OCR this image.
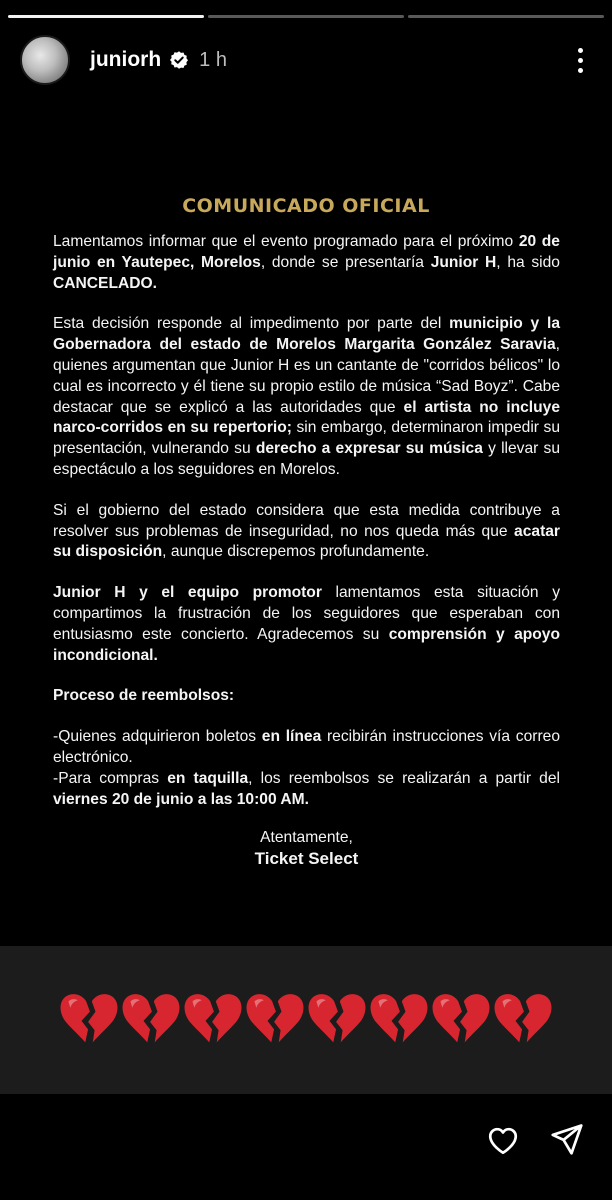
juniorh 1 h
COMUNICADO OFICIAL

Lamentamos informar que el evento programado para el próximo 20 de junio en Yautepec, Morelos, donde se presentaría Junior H, ha sido CANCELADO.

Esta decisión responde al impedimento por parte del municipio y la Gobernadora del estado de Morelos Margarita González Saravia, quienes argumentan que Junior H es un cantante de "corridos bélicos" lo cual es incorrecto y él tiene su propio estilo de música “Sad Boyz”. Cabe destacar que se explicó a las autoridades que el artista no incluye narco-corridos en su repertorio; sin embargo, determinaron impedir su presentación, vulnerando su derecho a expresar su música y llevar su espectáculo a los seguidores en Morelos.

Si el gobierno del estado considera que esta medida contribuye a resolver sus problemas de inseguridad, no nos queda más que acatar su disposición, aunque discrepemos profundamente.

Junior H y el equipo promotor lamentamos esta situación y compartimos la frustración de los seguidores que esperaban con entusiasmo este concierto. Agradecemos su comprensión y apoyo incondicional.

Proceso de reembolsos:

-Quienes adquirieron boletos en línea recibirán instrucciones vía correo electrónico.
-Para compras en taquilla, los reembolsos se realizarán a partir del viernes 20 de junio a las 10:00 AM.

Atentamente,
Ticket Select
